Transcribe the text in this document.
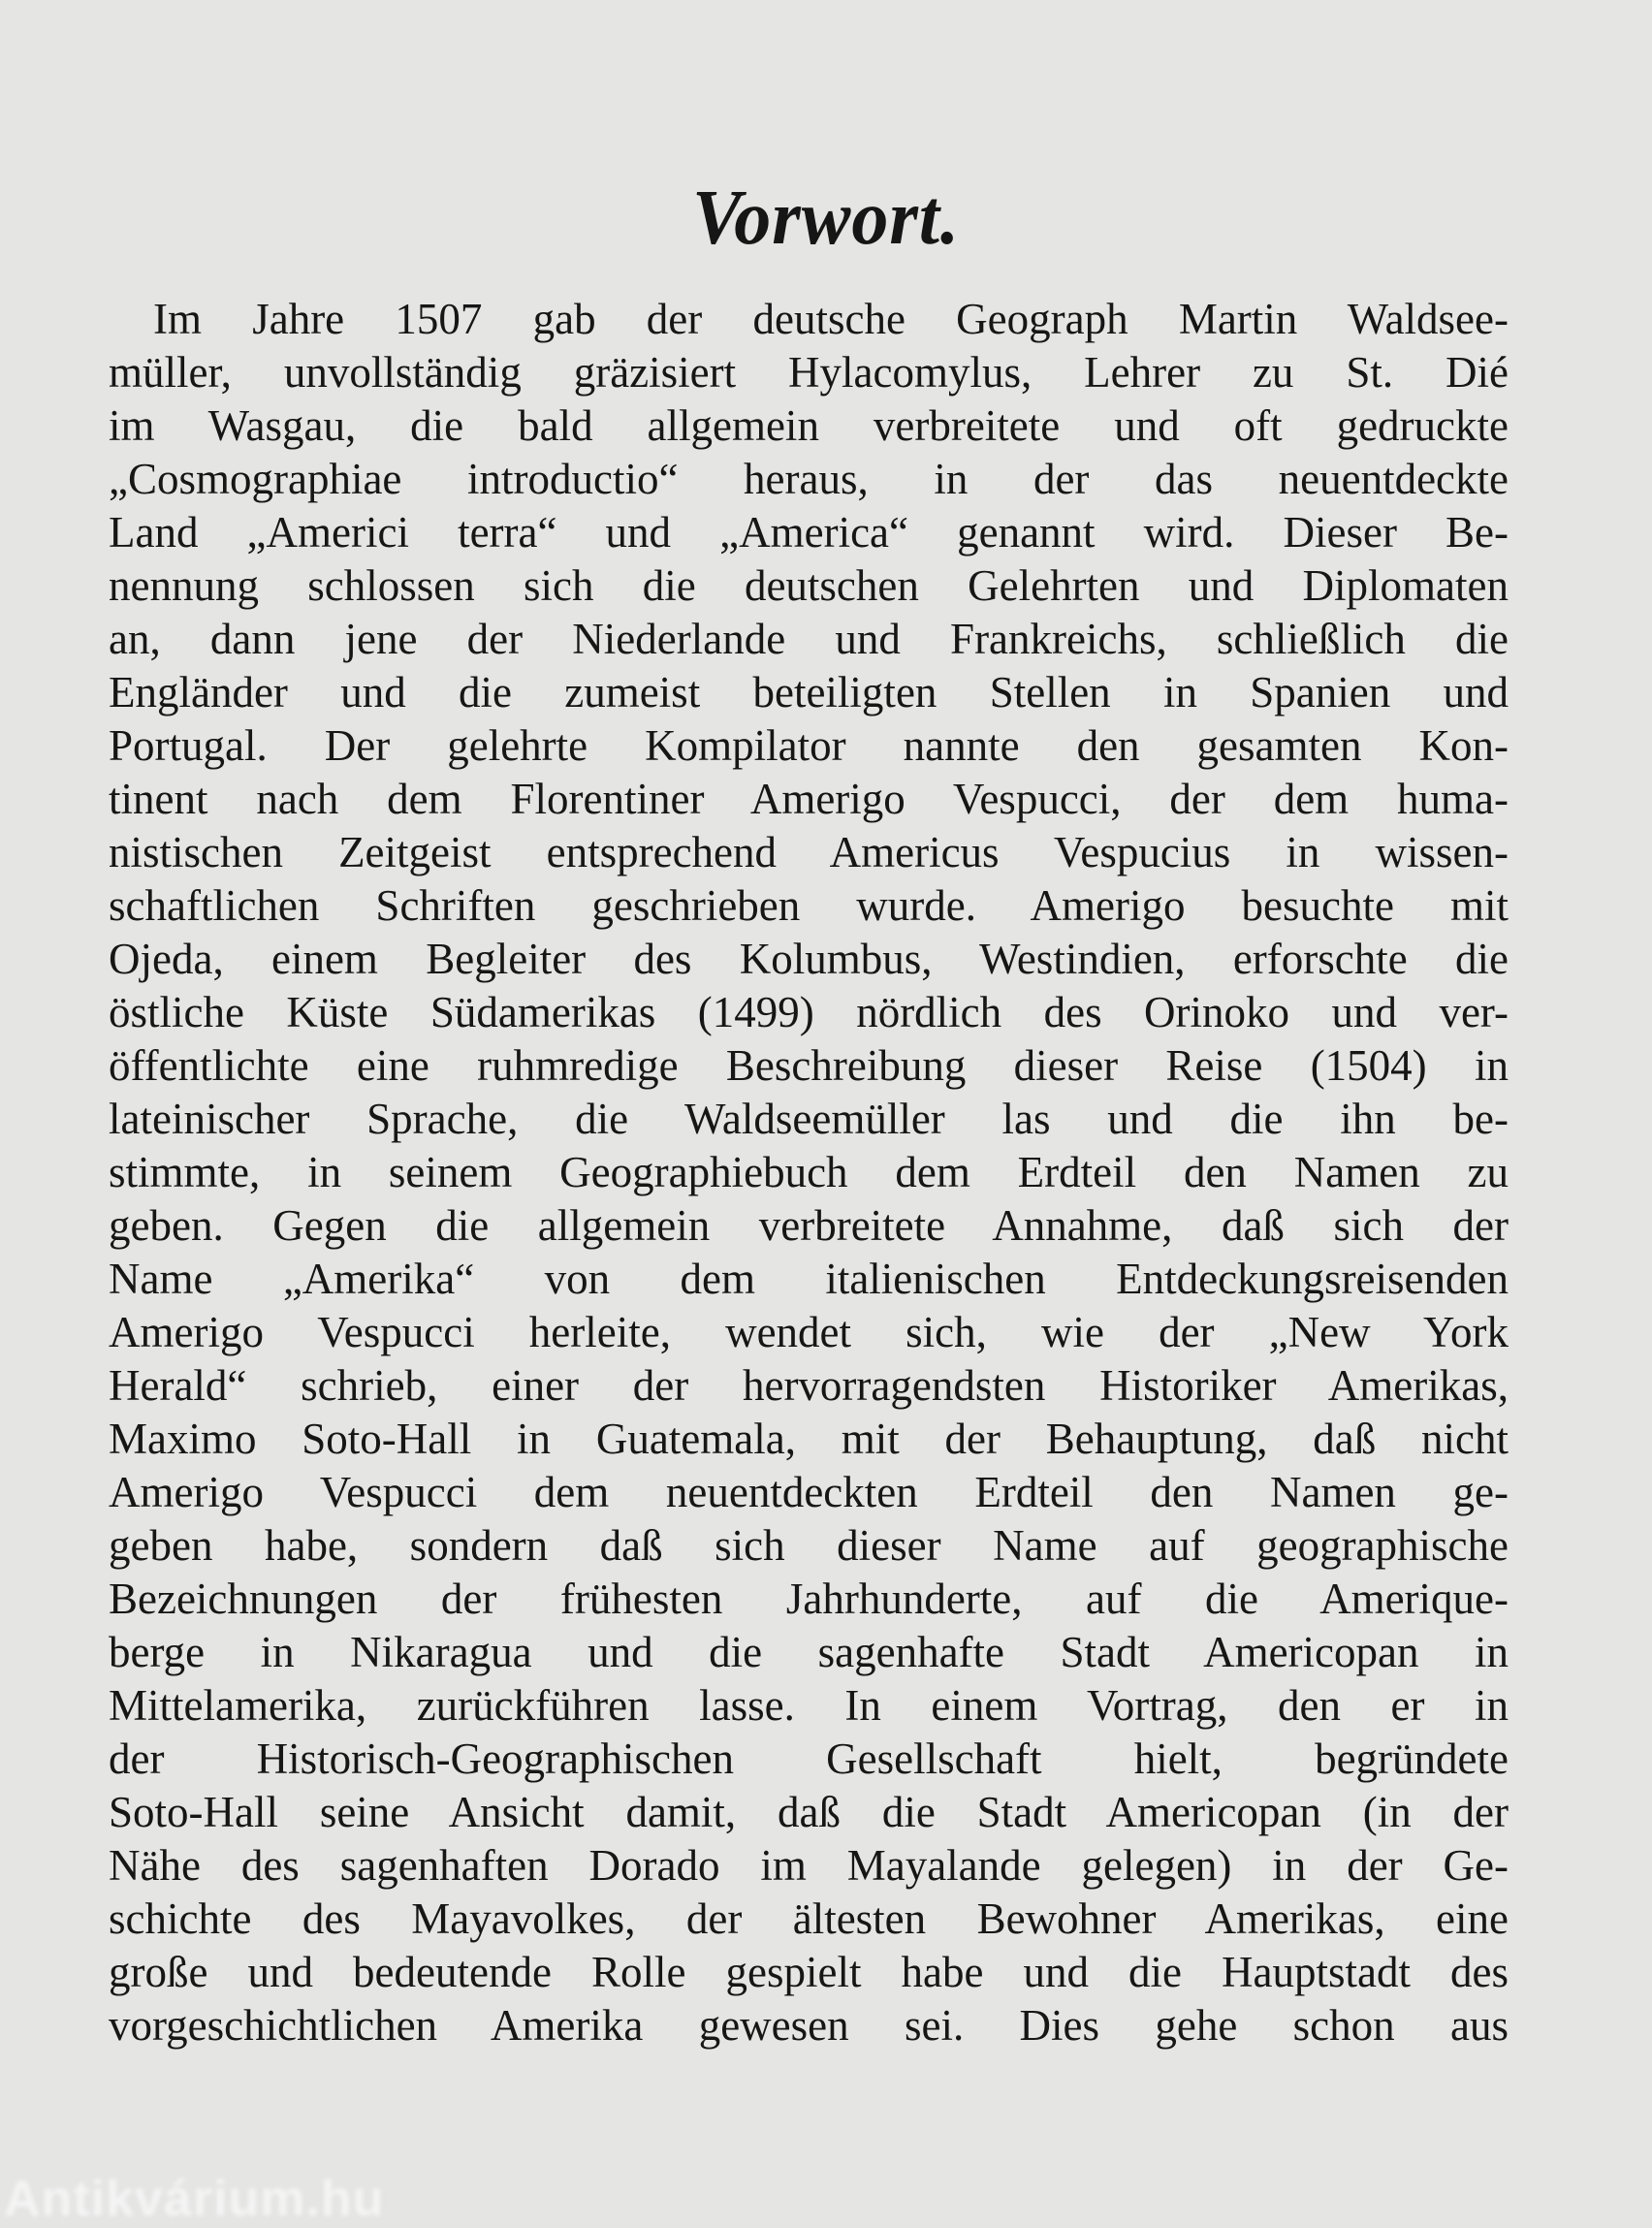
Vorwort.
Im Jahre 1507 gab der deutsche Geograph Martin Waldsee-
müller, unvollständig gräzisiert Hylacomylus, Lehrer zu St. Dié
im Wasgau, die bald allgemein verbreitete und oft gedruckte
„Cosmographiae introductio“ heraus, in der das neuentdeckte
Land „Americi terra“ und „America“ genannt wird. Dieser Be-
nennung schlossen sich die deutschen Gelehrten und Diplomaten
an, dann jene der Niederlande und Frankreichs, schließlich die
Engländer und die zumeist beteiligten Stellen in Spanien und
Portugal. Der gelehrte Kompilator nannte den gesamten Kon-
tinent nach dem Florentiner Amerigo Vespucci, der dem huma-
nistischen Zeitgeist entsprechend Americus Vespucius in wissen-
schaftlichen Schriften geschrieben wurde. Amerigo besuchte mit
Ojeda, einem Begleiter des Kolumbus, Westindien, erforschte die
östliche Küste Südamerikas (1499) nördlich des Orinoko und ver-
öffentlichte eine ruhmredige Beschreibung dieser Reise (1504) in
lateinischer Sprache, die Waldseemüller las und die ihn be-
stimmte, in seinem Geographiebuch dem Erdteil den Namen zu
geben. Gegen die allgemein verbreitete Annahme, daß sich der
Name „Amerika“ von dem italienischen Entdeckungsreisenden
Amerigo Vespucci herleite, wendet sich, wie der „New York
Herald“ schrieb, einer der hervorragendsten Historiker Amerikas,
Maximo Soto-Hall in Guatemala, mit der Behauptung, daß nicht
Amerigo Vespucci dem neuentdeckten Erdteil den Namen ge-
geben habe, sondern daß sich dieser Name auf geographische
Bezeichnungen der frühesten Jahrhunderte, auf die Amerique-
berge in Nikaragua und die sagenhafte Stadt Americopan in
Mittelamerika, zurückführen lasse. In einem Vortrag, den er in
der Historisch-Geographischen Gesellschaft hielt, begründete
Soto-Hall seine Ansicht damit, daß die Stadt Americopan (in der
Nähe des sagenhaften Dorado im Mayalande gelegen) in der Ge-
schichte des Mayavolkes, der ältesten Bewohner Amerikas, eine
große und bedeutende Rolle gespielt habe und die Hauptstadt des
vorgeschichtlichen Amerika gewesen sei. Dies gehe schon aus
Antikvárium.hu
